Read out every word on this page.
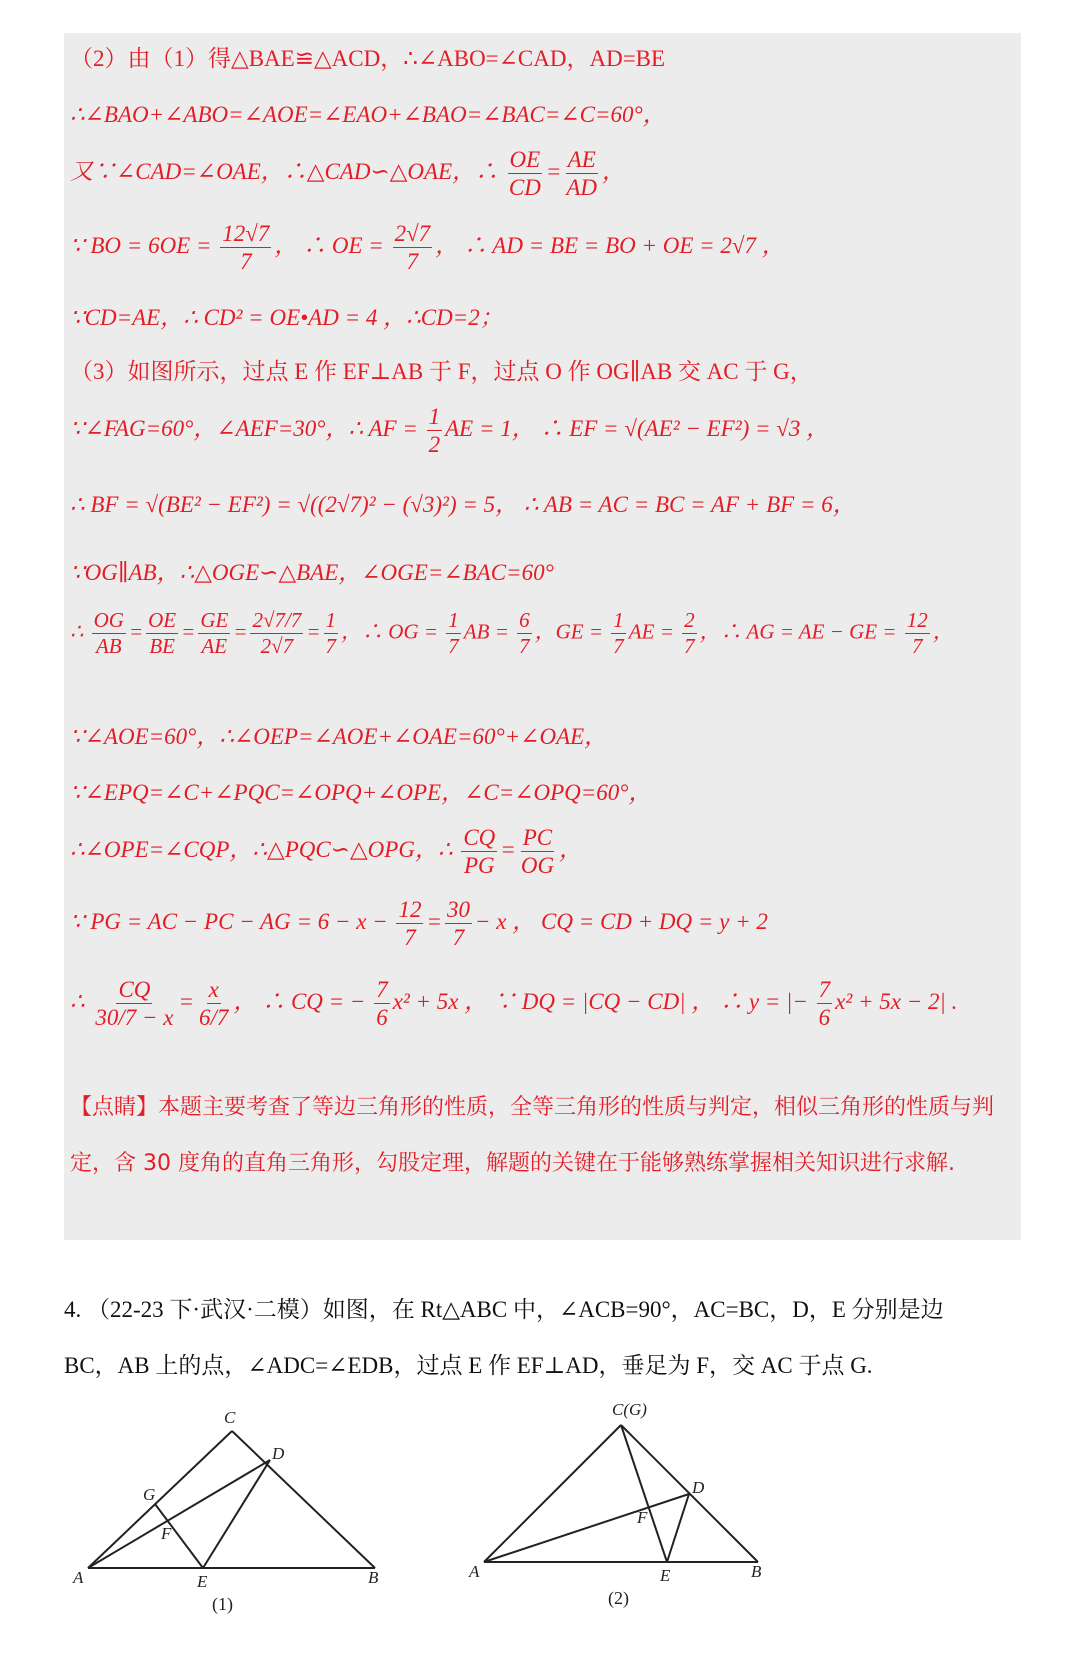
（2）由（1）得△BAE≌△ACD，∴∠ABO=∠CAD，AD=BE
∴∠BAO+∠ABO=∠AOE=∠EAO+∠BAO=∠BAC=∠C=60°，
又∵∠CAD=∠OAE，∴△CAD∽△OAE，∴ $\frac{OE}{CD} = \frac{AE}{AD}$ ，
∵ BO = $6OE = \frac{12√7}{7}$ ， ∴ OE = $\frac{2√7}{7}$ ， ∴ AD = BE = BO + OE = 2√7 ，
∵CD=AE，∴ CD² = OE•AD = 4 ，∴CD=2；
（3）如图所示，过点 E 作 EF⊥AB 于 F，过点 O 作 OG∥AB 交 AC 于 G，
∵∠FAG=60°，∠AEF=30°，∴ AF = $\frac{1}{2}$ AE = 1， ∴ EF = √(AE² − EF²) = √3 ，
∴ BF = √(BE² − EF²) = √((2√7)² − (√3)²) = 5， ∴ AB = AC = BC = AF + BF = 6，
∵OG∥AB，∴△OGE∽△BAE，∠OGE=∠BAC=60°
∴ $\frac{OG}{AB} = \frac{OE}{BE} = \frac{GE}{AE} = \frac{2√7/7}{2√7} = \frac{1}{7}$ ，∴ OG = $\frac{1}{7}$ AB = $\frac{6}{7}$ ，GE = $\frac{1}{7}$ AE = $\frac{2}{7}$ ，∴ AG = AE − GE = $\frac{12}{7}$ ，
∵∠AOE=60°，∴∠OEP=∠AOE+∠OAE=60°+∠OAE，
∵∠EPQ=∠C+∠PQC=∠OPQ+∠OPE，∠C=∠OPQ=60°，
∴∠OPE=∠CQP，∴△PQC∽△OPG，∴ $\frac{CQ}{PG} = \frac{PC}{OG}$ ，
∵ PG = AC − PC − AG = $6 - x - \frac{12}{7} = \frac{30}{7} - x$ ， CQ = CD + DQ = y + 2
∴ $\frac{CQ}{30/7 - x} = \frac{x}{6/7}$ ， ∴ CQ = − $\frac{7}{6} x^2 + 5x$ ， ∵ DQ = |CQ − CD| ， ∴ y = |− $\frac{7}{6} x^2 + 5x - 2|$ .
【点睛】本题主要考查了等边三角形的性质，全等三角形的性质与判定，相似三角形的性质与判定，含 30 度角的直角三角形，勾股定理，解题的关键在于能够熟练掌握相关知识进行求解.
4. （22-23 下·武汉·二模）如图，在 Rt△ABC 中，∠ACB=90°，AC=BC，D，E 分别是边
BC，AB 上的点，∠ADC=∠EDB，过点 E 作 EF⊥AD，垂足为 F，交 AC 于点 G.
A	B
C
D
E
F
G
(1)
A	B
C(G)
D
E
F
(2)
